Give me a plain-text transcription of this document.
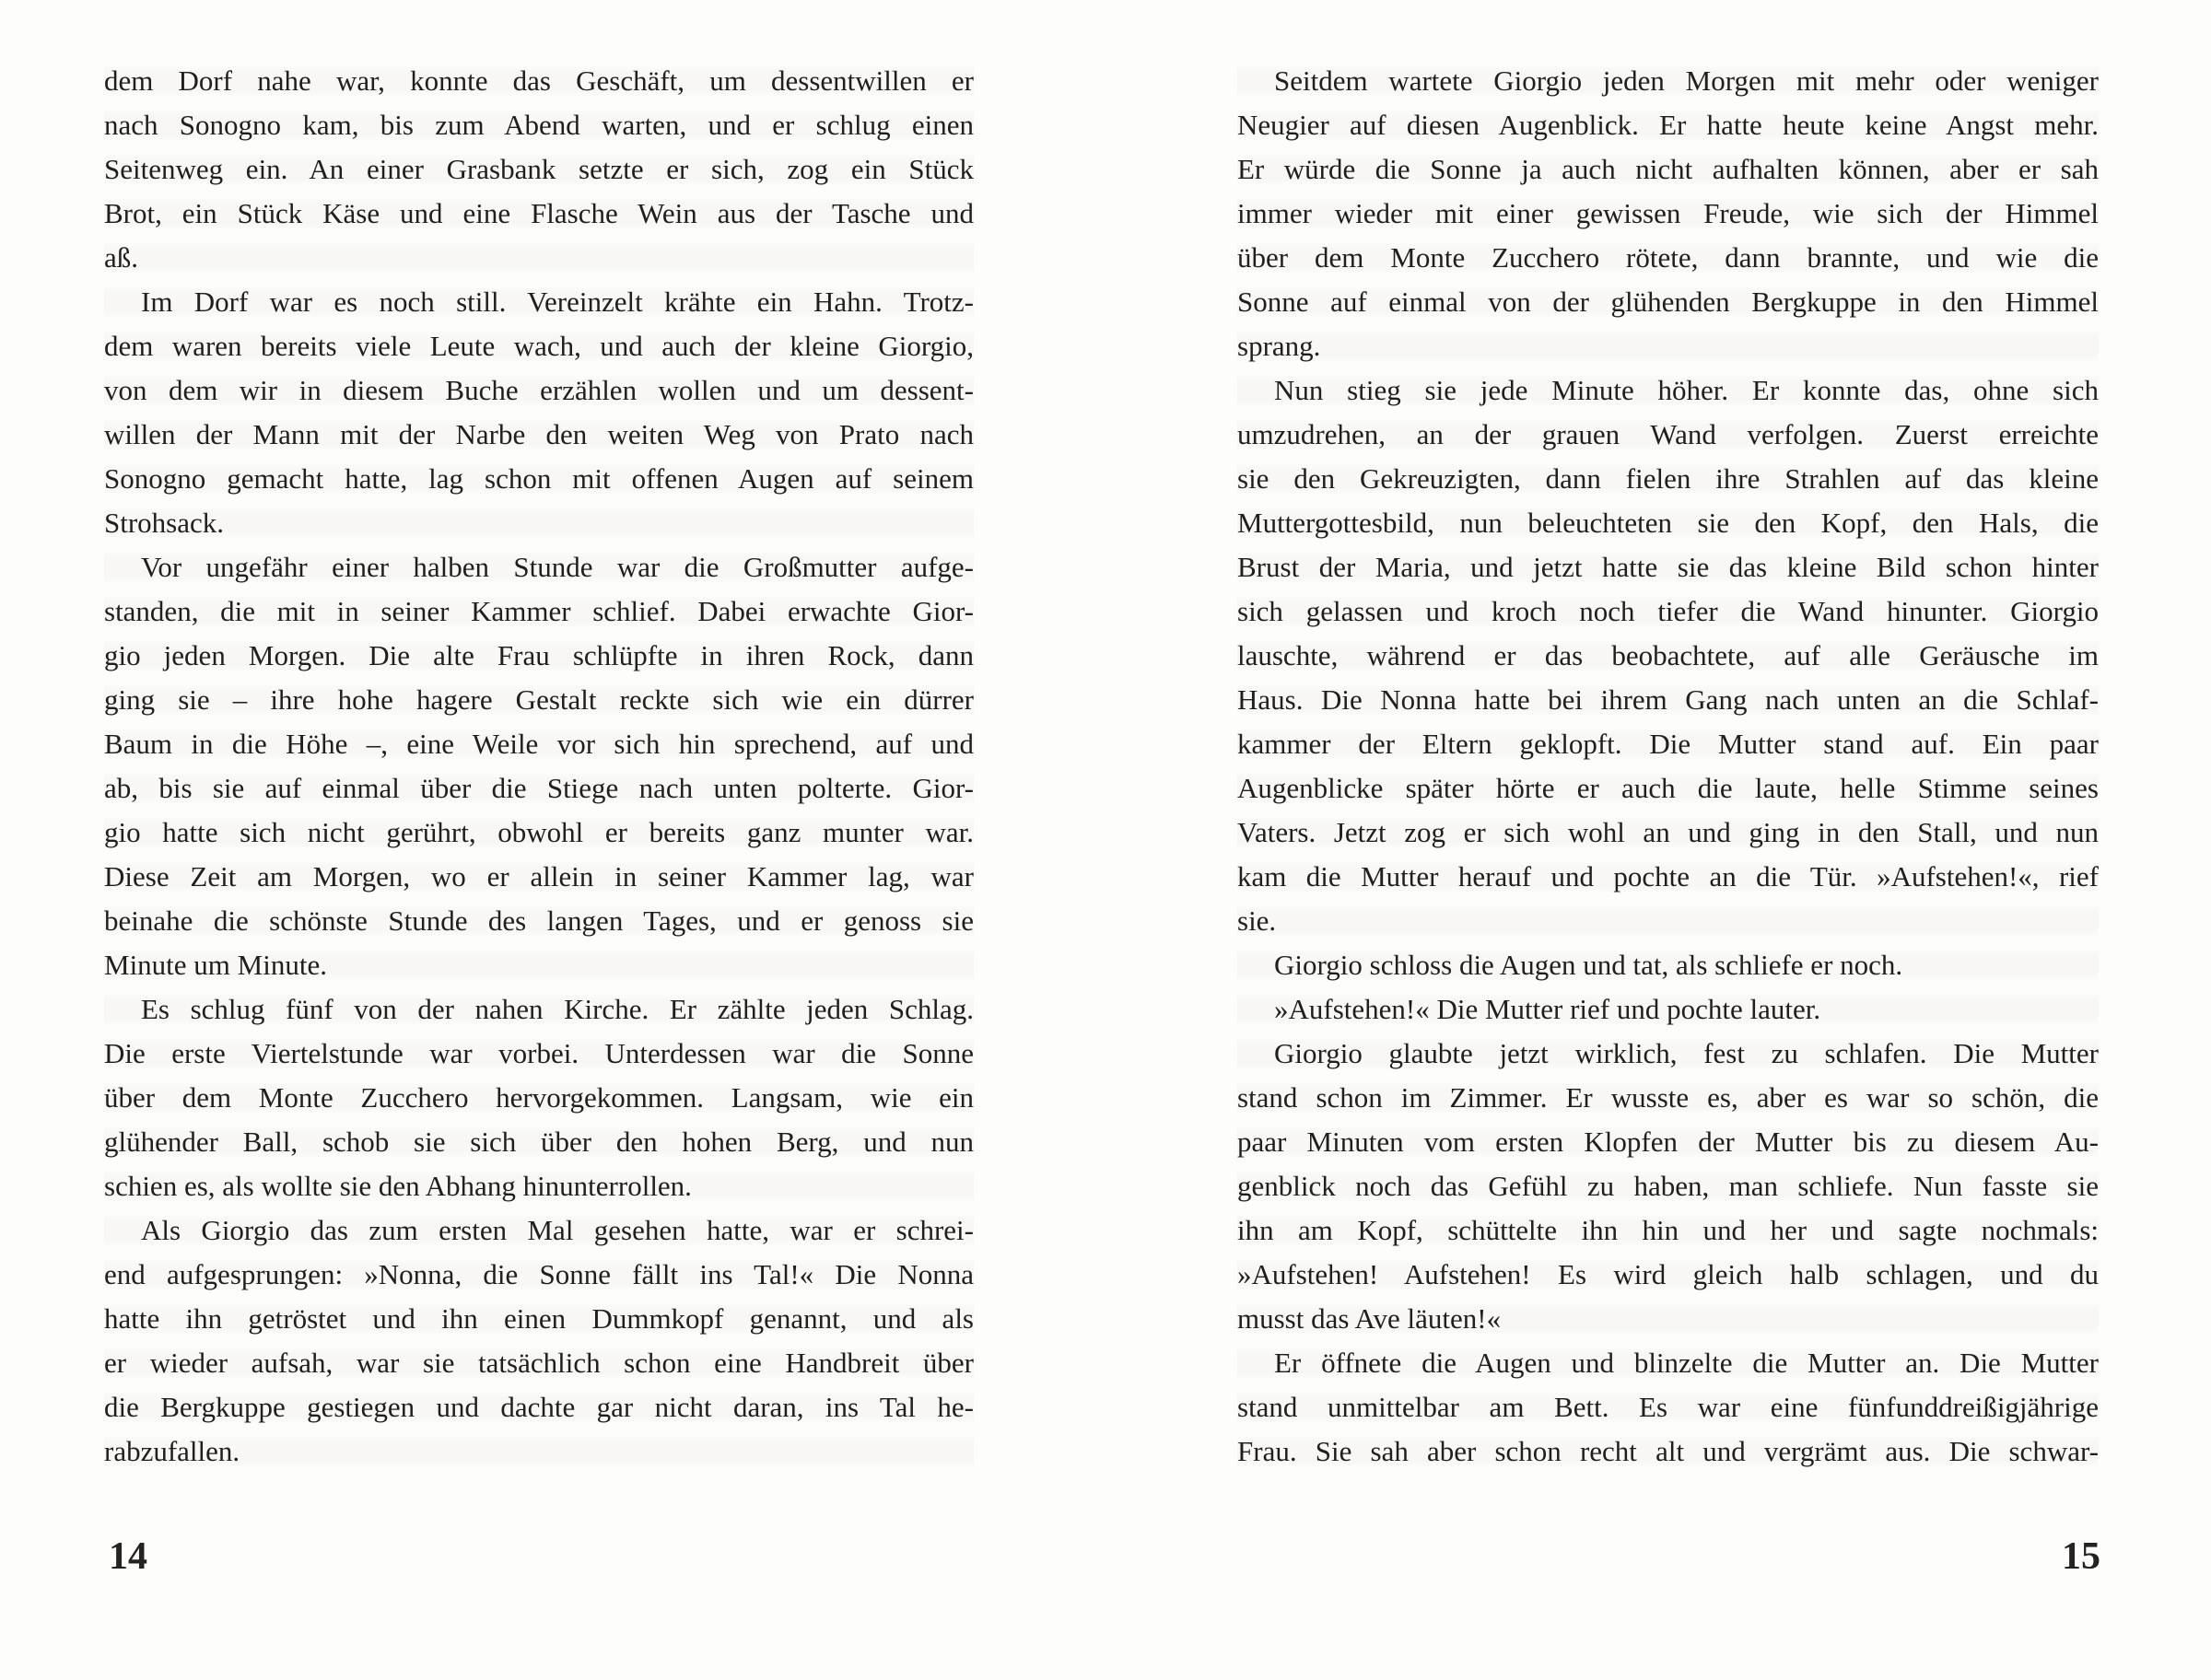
dem Dorf nahe war, konnte das Geschäft, um dessentwillen er
nach Sonogno kam, bis zum Abend warten, und er schlug einen
Seitenweg ein. An einer Grasbank setzte er sich, zog ein Stück
Brot, ein Stück Käse und eine Flasche Wein aus der Tasche und
aß.

Im Dorf war es noch still. Vereinzelt krähte ein Hahn. Trotz-
dem waren bereits viele Leute wach, und auch der kleine Giorgio,
von dem wir in diesem Buche erzählen wollen und um dessent-
willen der Mann mit der Narbe den weiten Weg von Prato nach
Sonogno gemacht hatte, lag schon mit offenen Augen auf seinem
Strohsack.

Vor ungefähr einer halben Stunde war die Großmutter aufge-
standen, die mit in seiner Kammer schlief. Dabei erwachte Gior-
gio jeden Morgen. Die alte Frau schlüpfte in ihren Rock, dann
ging sie – ihre hohe hagere Gestalt reckte sich wie ein dürrer
Baum in die Höhe –, eine Weile vor sich hin sprechend, auf und
ab, bis sie auf einmal über die Stiege nach unten polterte. Gior-
gio hatte sich nicht gerührt, obwohl er bereits ganz munter war.
Diese Zeit am Morgen, wo er allein in seiner Kammer lag, war
beinahe die schönste Stunde des langen Tages, und er genoss sie
Minute um Minute.

Es schlug fünf von der nahen Kirche. Er zählte jeden Schlag.
Die erste Viertelstunde war vorbei. Unterdessen war die Sonne
über dem Monte Zucchero hervorgekommen. Langsam, wie ein
glühender Ball, schob sie sich über den hohen Berg, und nun
schien es, als wollte sie den Abhang hinunterrollen.

Als Giorgio das zum ersten Mal gesehen hatte, war er schrei-
end aufgesprungen: »Nonna, die Sonne fällt ins Tal!« Die Nonna
hatte ihn getröstet und ihn einen Dummkopf genannt, und als
er wieder aufsah, war sie tatsächlich schon eine Handbreit über
die Bergkuppe gestiegen und dachte gar nicht daran, ins Tal he-
rabzufallen.

14

Seitdem wartete Giorgio jeden Morgen mit mehr oder weniger
Neugier auf diesen Augenblick. Er hatte heute keine Angst mehr.
Er würde die Sonne ja auch nicht aufhalten können, aber er sah
immer wieder mit einer gewissen Freude, wie sich der Himmel
über dem Monte Zucchero rötete, dann brannte, und wie die
Sonne auf einmal von der glühenden Bergkuppe in den Himmel
sprang.

Nun stieg sie jede Minute höher. Er konnte das, ohne sich
umzudrehen, an der grauen Wand verfolgen. Zuerst erreichte
sie den Gekreuzigten, dann fielen ihre Strahlen auf das kleine
Muttergottesbild, nun beleuchteten sie den Kopf, den Hals, die
Brust der Maria, und jetzt hatte sie das kleine Bild schon hinter
sich gelassen und kroch noch tiefer die Wand hinunter. Giorgio
lauschte, während er das beobachtete, auf alle Geräusche im
Haus. Die Nonna hatte bei ihrem Gang nach unten an die Schlaf-
kammer der Eltern geklopft. Die Mutter stand auf. Ein paar
Augenblicke später hörte er auch die laute, helle Stimme seines
Vaters. Jetzt zog er sich wohl an und ging in den Stall, und nun
kam die Mutter herauf und pochte an die Tür. »Aufstehen!«, rief
sie.

Giorgio schloss die Augen und tat, als schliefe er noch.

»Aufstehen!« Die Mutter rief und pochte lauter.

Giorgio glaubte jetzt wirklich, fest zu schlafen. Die Mutter
stand schon im Zimmer. Er wusste es, aber es war so schön, die
paar Minuten vom ersten Klopfen der Mutter bis zu diesem Au-
genblick noch das Gefühl zu haben, man schliefe. Nun fasste sie
ihn am Kopf, schüttelte ihn hin und her und sagte nochmals:
»Aufstehen! Aufstehen! Es wird gleich halb schlagen, und du
musst das Ave läuten!«

Er öffnete die Augen und blinzelte die Mutter an. Die Mutter
stand unmittelbar am Bett. Es war eine fünfunddreißigjährige
Frau. Sie sah aber schon recht alt und vergrämt aus. Die schwar-

15
